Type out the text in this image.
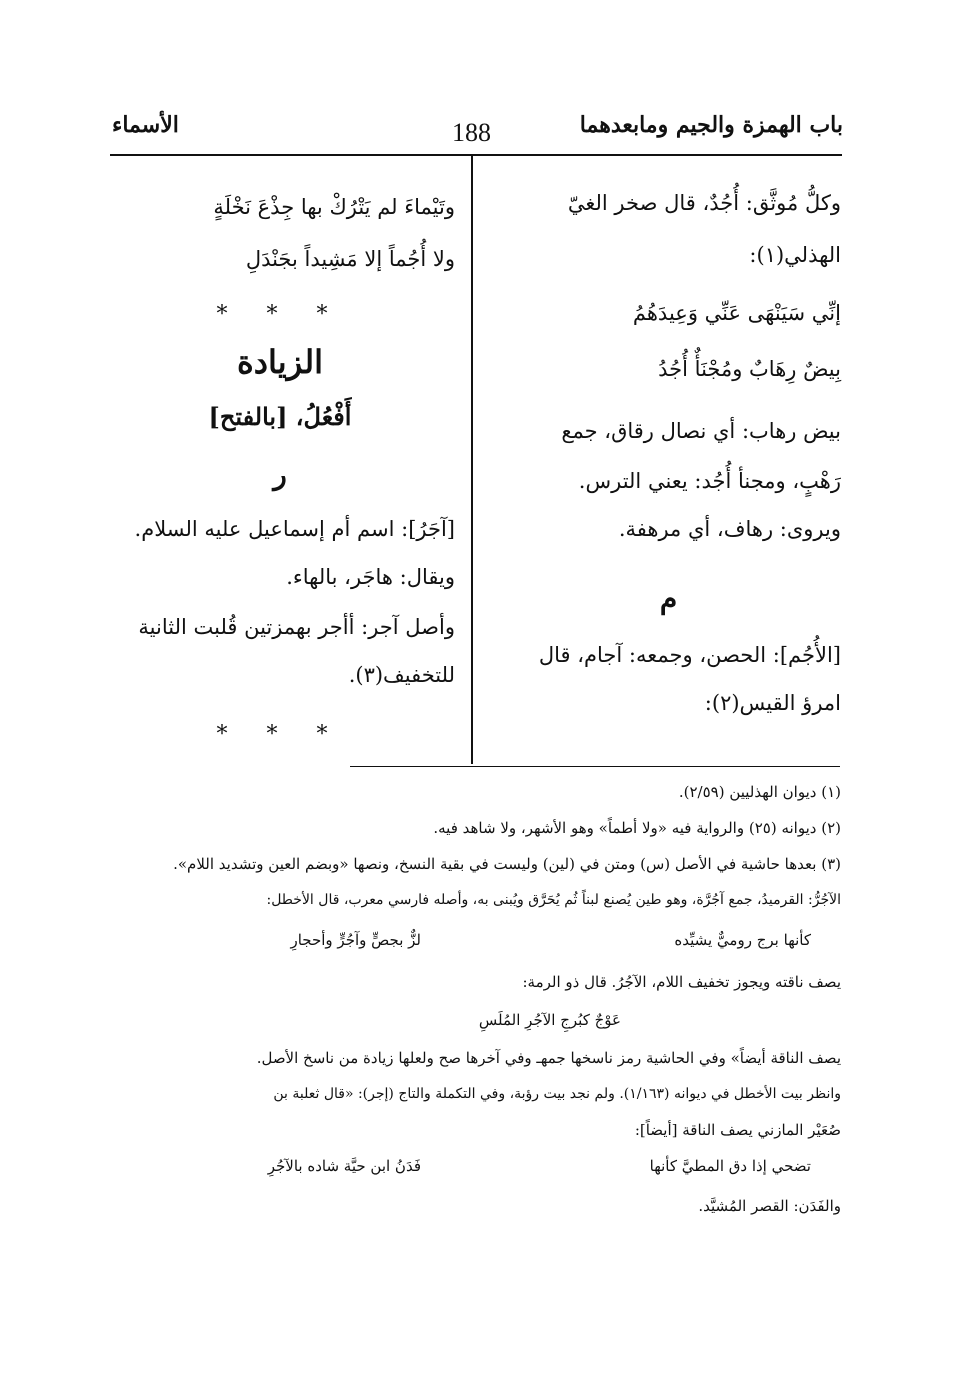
باب الهمزة والجيم ومابعدهما
188
الأسماء
وكلُّ مُوثَّق: أُجُدٌ، قال صخر الغيّ
الهذلي(١):
إنِّي سَيَنْهَى عَنِّي وَعِيدَهُمُ
بِيضٌ رِهَابٌ ومُجْنَأٌ أُجُدُ
بيض رهاب: أي نصال رقاق، جمع
رَهْبٍ، ومجنأ أُجُد: يعني الترس.
ويروى: رهاف، أي مرهفة.
م
[الأُجُم]: الحصن، وجمعه: آجام، قال
امرؤ القيس(٢):
وتَيْماءَ لم يَتْرُكْ بها جِذْعَ نَخْلَةٍ
ولا أُجُماً إلا مَشِيداً بجَنْدَلِ
* * *
الزيادة
أَفْعُلُ، [بالفتح]
ر
[آجَرُ]: اسم أم إسماعيل عليه السلام.
ويقال: هاجَر، بالهاء.
وأصل آجر: أأجر بهمزتين قُلبت الثانية
للتخفيف(٣).
* * *
(١) ديوان الهذليين (٢/٥٩).
(٢) ديوانه (٢٥) والرواية فيه «ولا أطماً» وهو الأشهر، ولا شاهد فيه.
(٣) بعدها حاشية في الأصل (س) ومتن في (لين) وليست في بقية النسخ، ونصها «وبضم العين وتشديد اللام».
الآجُرُّ: القرميدُ، جمع آجُرَّة، وهو طين يُصنع لبناً ثُم يُحَرَّق ويُبنى به، وأصله فارسي معرب، قال الأخطل:
كأنها برج روميٌّ يشيِّده
لزٌّ بجصٍّ وآجُرٍّ وأحجارِ
يصف ناقته ويجوز تخفيف اللام، الآجُرُ. قال ذو الرمة:
عَوْجٌ كبُرجِ الآجُرِ المُلَسِ
يصف الناقة أيضاً» وفي الحاشية رمز ناسخها جمهـ وفي آخرها صح ولعلها زيادة من ناسخ الأصل.
وانظر بيت الأخطل في ديوانه (١/١٦٣). ولم نجد بيت رؤبة، وفي التكملة والتاج (إجر): «قال ثعلبة بن
صُعَيْر المازني يصف الناقة [أيضاً]:
تضحي إذا دق المطيَّ كأنها
فَدَنُ ابن حيَّة شاده بالآجُرِ
والفَدَن: القصر المُشيَّد.
